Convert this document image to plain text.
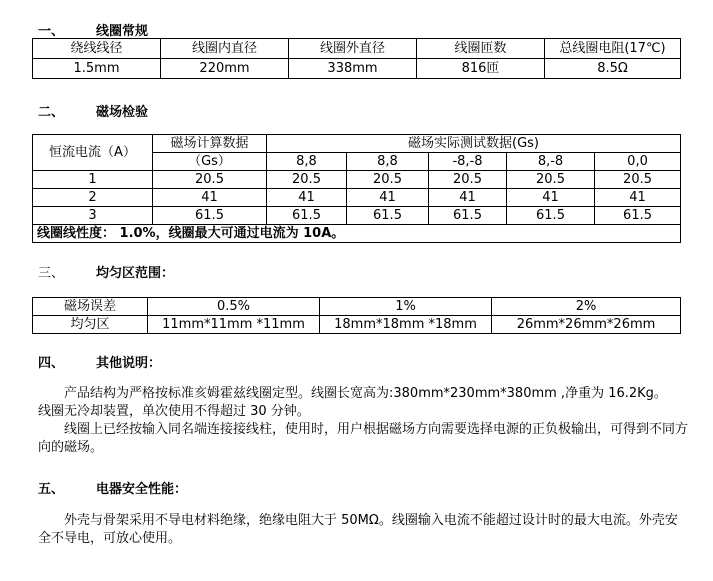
一、 线圈常规
绕线线径	线圈内直径	线圈外直径	线圈匝数	总线圈电阻(17℃)
1.5mm	220mm	338mm	816匝	8.5Ω
二、 磁场检验
恒流电流（A）	磁场计算数据	磁场实际测试数据(Gs)				
	（Gs）	8,8	8,8	-8,-8	8,-8	0,0
1	20.5	20.5	20.5	20.5	20.5	20.5
2	41	41	41	41	41	41
3	61.5	61.5	61.5	61.5	61.5	61.5
线圈线性度： 1.0%，线圈最大可通过电流为 10A。						
三、 均匀区范围：
磁场误差	0.5%	1%	2%
均匀区	11mm*11mm *11mm	18mm*18mm *18mm	26mm*26mm*26mm
四、 其他说明：

产品结构为严格按标准亥姆霍兹线圈定型。线圈长宽高为:380mm*230mm*380mm ,净重为 16.2Kg。

线圈无冷却装置，单次使用不得超过 30 分钟。

线圈上已经按输入同名端连接接线柱，使用时，用户根据磁场方向需要选择电源的正负极输出，可得到不同方向的磁场。

五、 电器安全性能：

外壳与骨架采用不导电材料绝缘，绝缘电阻大于 50MΩ。线圈输入电流不能超过设计时的最大电流。外壳安全不导电，可放心使用。
